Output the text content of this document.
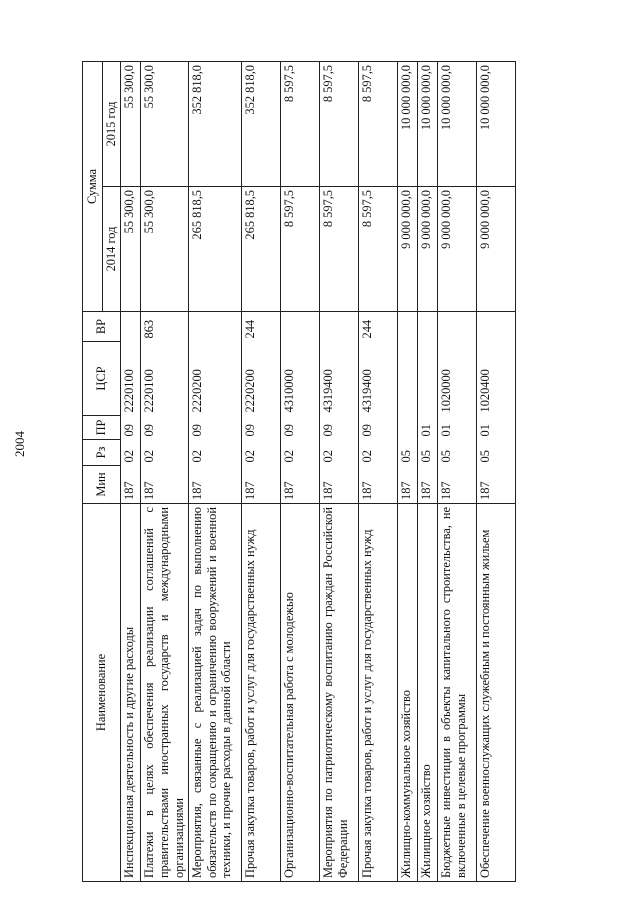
2004
Наименование	Мин	Рз	ПР	ЦСР	ВР	Сумма	
						2014 год	2015 год
Инспекционная деятельность и другие расходы	187	02	09	2220100		55 300,0	55 300,0
Платежи в целях обеспечения реализации соглашений с правительствами иностранных государств и международными организациями	187	02	09	2220100	863	55 300,0	55 300,0
Мероприятия, связанные с реализацией задач по выполнению обязательств по сокращению и ограничению вооружений и военной техники, и прочие расходы в данной области	187	02	09	2220200		265 818,5	352 818,0
Прочая закупка товаров, работ и услуг для государственных нужд	187	02	09	2220200	244	265 818,5	352 818,0
Организационно-воспитательная работа с молодежью	187	02	09	4310000		8 597,5	8 597,5
Мероприятия по патриотическому воспитанию граждан Российской Федерации	187	02	09	4319400		8 597,5	8 597,5
Прочая закупка товаров, работ и услуг для государственных нужд	187	02	09	4319400	244	8 597,5	8 597,5
Жилищно-коммунальное хозяйство	187	05				9 000 000,0	10 000 000,0
Жилищное хозяйство	187	05	01			9 000 000,0	10 000 000,0
Бюджетные инвестиции в объекты капитального строительства, не включенные в целевые программы	187	05	01	1020000		9 000 000,0	10 000 000,0
Обеспечение военнослужащих служебным и постоянным жильем	187	05	01	1020400		9 000 000,0	10 000 000,0
